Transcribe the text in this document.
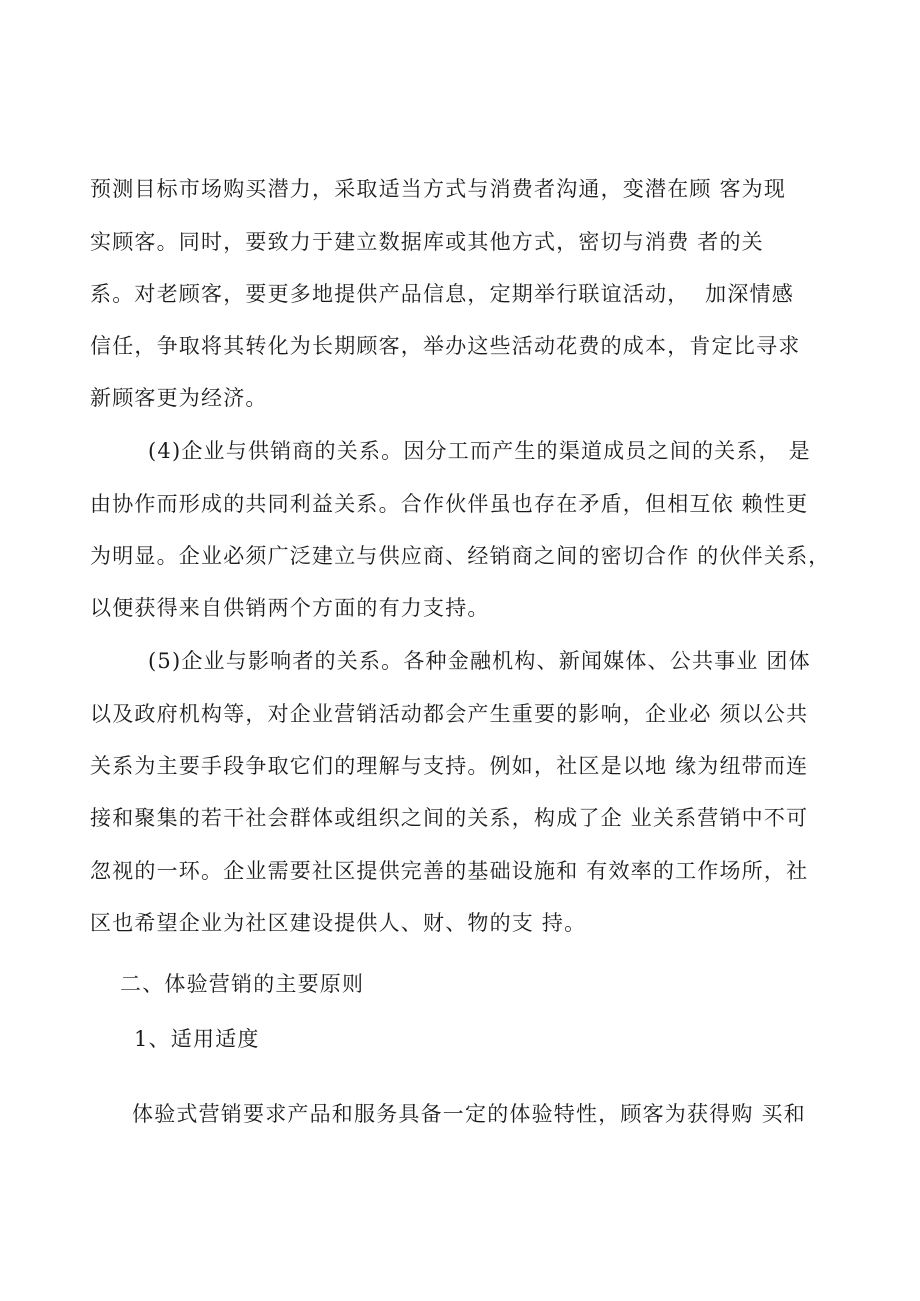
预测目标市场购买潜力，采取适当方式与消费者沟通，变潜在顾 客为现
实顾客。同时，要致力于建立数据库或其他方式，密切与消费 者的关
系。对老顾客，要更多地提供产品信息，定期举行联谊活动，  加深情感
信任，争取将其转化为长期顾客，举办这些活动花费的成本，肯定比寻求
新顾客更为经济。
(4)企业与供销商的关系。因分工而产生的渠道成员之间的关系， 是
由协作而形成的共同利益关系。合作伙伴虽也存在矛盾，但相互依 赖性更
为明显。企业必须广泛建立与供应商、经销商之间的密切合作 的伙伴关系，
以便获得来自供销两个方面的有力支持。
(5)企业与影响者的关系。各种金融机构、新闻媒体、公共事业 团体
以及政府机构等，对企业营销活动都会产生重要的影响，企业必 须以公共
关系为主要手段争取它们的理解与支持。例如，社区是以地 缘为纽带而连
接和聚集的若干社会群体或组织之间的关系，构成了企 业关系营销中不可
忽视的一环。企业需要社区提供完善的基础设施和 有效率的工作场所，社
区也希望企业为社区建设提供人、财、物的支 持。
二、体验营销的主要原则
1、适用适度
体验式营销要求产品和服务具备一定的体验特性，顾客为获得购 买和
